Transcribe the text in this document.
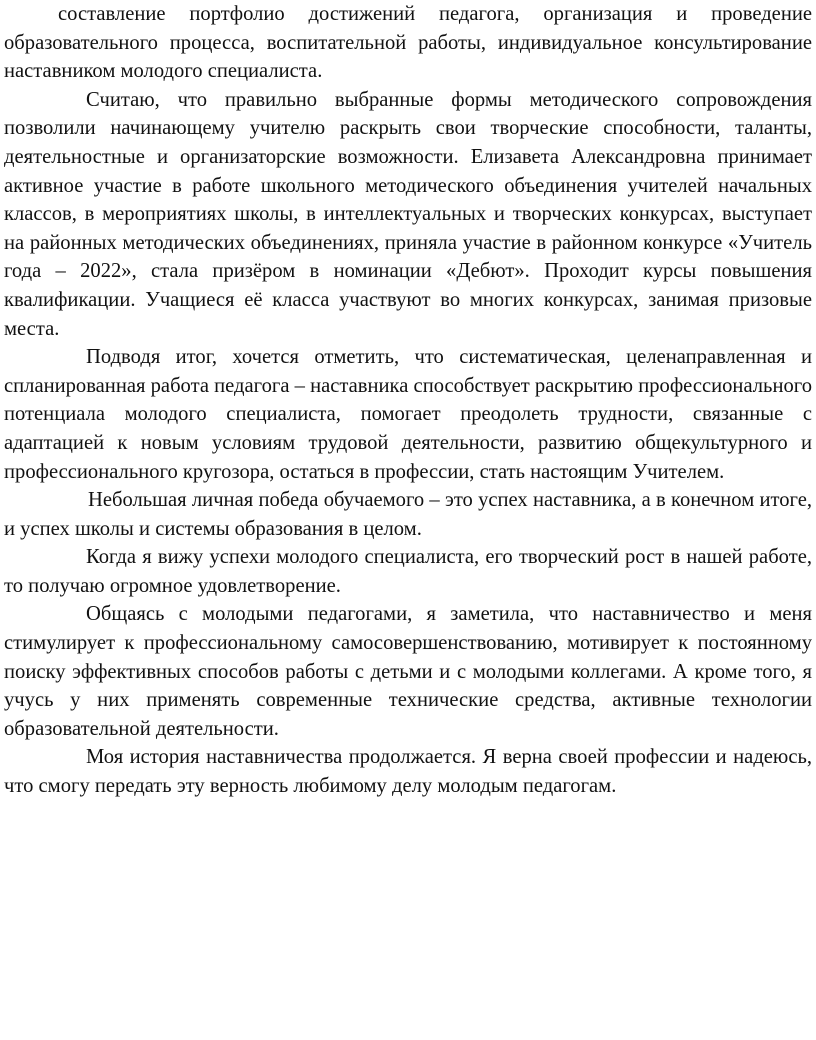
составление портфолио достижений педагога, организация и проведение образовательного процесса, воспитательной работы, индивидуальное консультирование наставником молодого специалиста.

Считаю, что правильно выбранные формы методического сопровождения позволили начинающему учителю раскрыть свои творческие способности, таланты, деятельностные и организаторские возможности. Елизавета Александровна принимает активное участие в работе школьного методического объединения учителей начальных классов, в мероприятиях школы, в интеллектуальных и творческих конкурсах, выступает на районных методических объединениях, приняла участие в районном конкурсе «Учитель года – 2022», стала призёром в номинации «Дебют». Проходит курсы повышения квалификации. Учащиеся её класса участвуют во многих конкурсах, занимая призовые места.

Подводя итог, хочется отметить, что систематическая, целенаправленная и спланированная работа педагога – наставника способствует раскрытию профессионального потенциала молодого специалиста, помогает преодолеть трудности, связанные с адаптацией к новым условиям трудовой деятельности, развитию общекультурного и профессионального кругозора, остаться в профессии, стать настоящим Учителем.

Небольшая личная победа обучаемого – это успех наставника, а в конечном итоге, и успех школы и системы образования в целом.

Когда я вижу успехи молодого специалиста, его творческий рост в нашей работе, то получаю огромное удовлетворение.

Общаясь с молодыми педагогами, я заметила, что наставничество и меня стимулирует к профессиональному самосовершенствованию, мотивирует к постоянному поиску эффективных способов работы с детьми и с молодыми коллегами. А кроме того, я учусь у них применять современные технические средства, активные технологии образовательной деятельности.

Моя история наставничества продолжается. Я верна своей профессии и надеюсь, что смогу передать эту верность любимому делу молодым педагогам.
